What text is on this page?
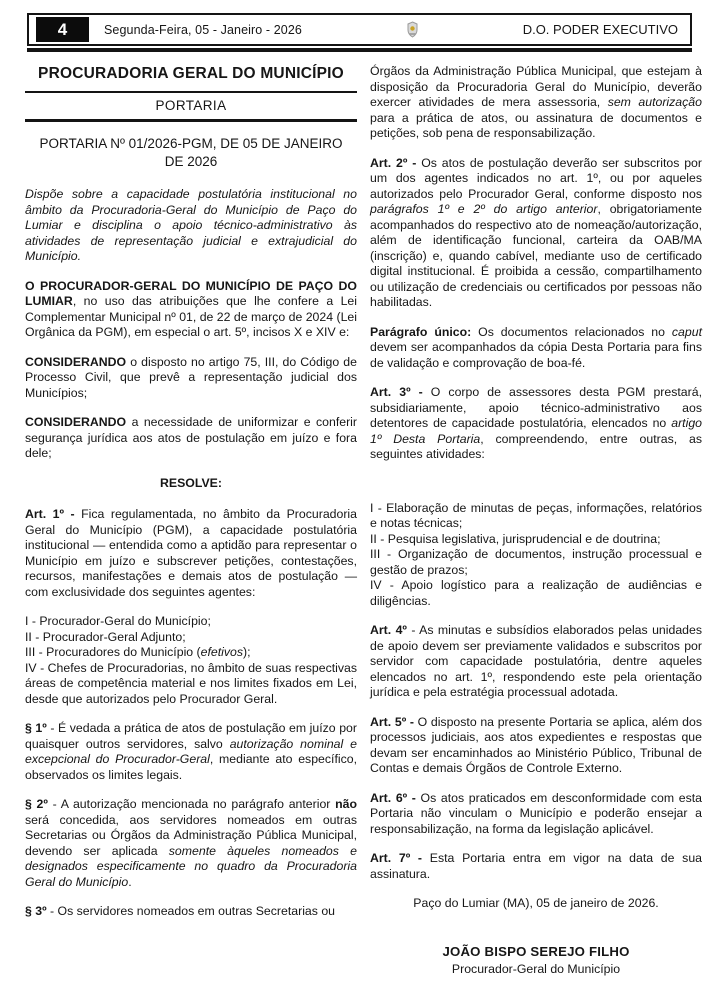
4	Segunda-Feira, 05 - Janeiro - 2026	D.O. PODER EXECUTIVO
PROCURADORIA GERAL DO MUNICÍPIO
PORTARIA
PORTARIA Nº 01/2026-PGM, DE 05 DE JANEIRO DE 2026

Dispõe sobre a capacidade postulatória institucional no âmbito da Procuradoria-Geral do Município de Paço do Lumiar e disciplina o apoio técnico-administrativo às atividades de representação judicial e extrajudicial do Município.

O PROCURADOR-GERAL DO MUNICÍPIO DE PAÇO DO LUMIAR, no uso das atribuições que lhe confere a Lei Complementar Municipal nº 01, de 22 de março de 2024 (Lei Orgânica da PGM), em especial o art. 5º, incisos X e XIV e:

CONSIDERANDO o disposto no artigo 75, III, do Código de Processo Civil, que prevê a representação judicial dos Municípios;

CONSIDERANDO a necessidade de uniformizar e conferir segurança jurídica aos atos de postulação em juízo e fora dele;

RESOLVE:

Art. 1º - Fica regulamentada, no âmbito da Procuradoria Geral do Município (PGM), a capacidade postulatória institucional — entendida como a aptidão para representar o Município em juízo e subscrever petições, contestações, recursos, manifestações e demais atos de postulação — com exclusividade dos seguintes agentes:

I - Procurador-Geral do Município;

II - Procurador-Geral Adjunto;

III - Procuradores do Município (efetivos);

IV - Chefes de Procuradorias, no âmbito de suas respectivas áreas de competência material e nos limites fixados em Lei, desde que autorizados pelo Procurador Geral.

§ 1º - É vedada a prática de atos de postulação em juízo por quaisquer outros servidores, salvo autorização nominal e excepcional do Procurador-Geral, mediante ato específico, observados os limites legais.

§ 2º - A autorização mencionada no parágrafo anterior não será concedida, aos servidores nomeados em outras Secretarias ou Órgãos da Administração Pública Municipal, devendo ser aplicada somente àqueles nomeados e designados especificamente no quadro da Procuradoria Geral do Município.

§ 3º - Os servidores nomeados em outras Secretarias ou

Órgãos da Administração Pública Municipal, que estejam à disposição da Procuradoria Geral do Município, deverão exercer atividades de mera assessoria, sem autorização para a prática de atos, ou assinatura de documentos e petições, sob pena de responsabilização.

Art. 2º - Os atos de postulação deverão ser subscritos por um dos agentes indicados no art. 1º, ou por aqueles autorizados pelo Procurador Geral, conforme disposto nos parágrafos 1º e 2º do artigo anterior, obrigatoriamente acompanhados do respectivo ato de nomeação/autorização, além de identificação funcional, carteira da OAB/MA (inscrição) e, quando cabível, mediante uso de certificado digital institucional. É proibida a cessão, compartilhamento ou utilização de credenciais ou certificados por pessoas não habilitadas.

Parágrafo único: Os documentos relacionados no caput devem ser acompanhados da cópia Desta Portaria para fins de validação e comprovação de boa-fé.

Art. 3º - O corpo de assessores desta PGM prestará, subsidiariamente, apoio técnico-administrativo aos detentores de capacidade postulatória, elencados no artigo 1º Desta Portaria, compreendendo, entre outras, as seguintes atividades:

I - Elaboração de minutas de peças, informações, relatórios e notas técnicas;

II - Pesquisa legislativa, jurisprudencial e de doutrina;

III - Organização de documentos, instrução processual e gestão de prazos;

IV - Apoio logístico para a realização de audiências e diligências.

Art. 4º - As minutas e subsídios elaborados pelas unidades de apoio devem ser previamente validados e subscritos por servidor com capacidade postulatória, dentre aqueles elencados no art. 1º, respondendo este pela orientação jurídica e pela estratégia processual adotada.

Art. 5º - O disposto na presente Portaria se aplica, além dos processos judiciais, aos atos expedientes e respostas que devam ser encaminhados ao Ministério Público, Tribunal de Contas e demais Órgãos de Controle Externo.

Art. 6º - Os atos praticados em desconformidade com esta Portaria não vinculam o Município e poderão ensejar a responsabilização, na forma da legislação aplicável.

Art. 7º - Esta Portaria entra em vigor na data de sua assinatura.

Paço do Lumiar (MA), 05 de janeiro de 2026.

JOÃO BISPO SEREJO FILHO
Procurador-Geral do Município
